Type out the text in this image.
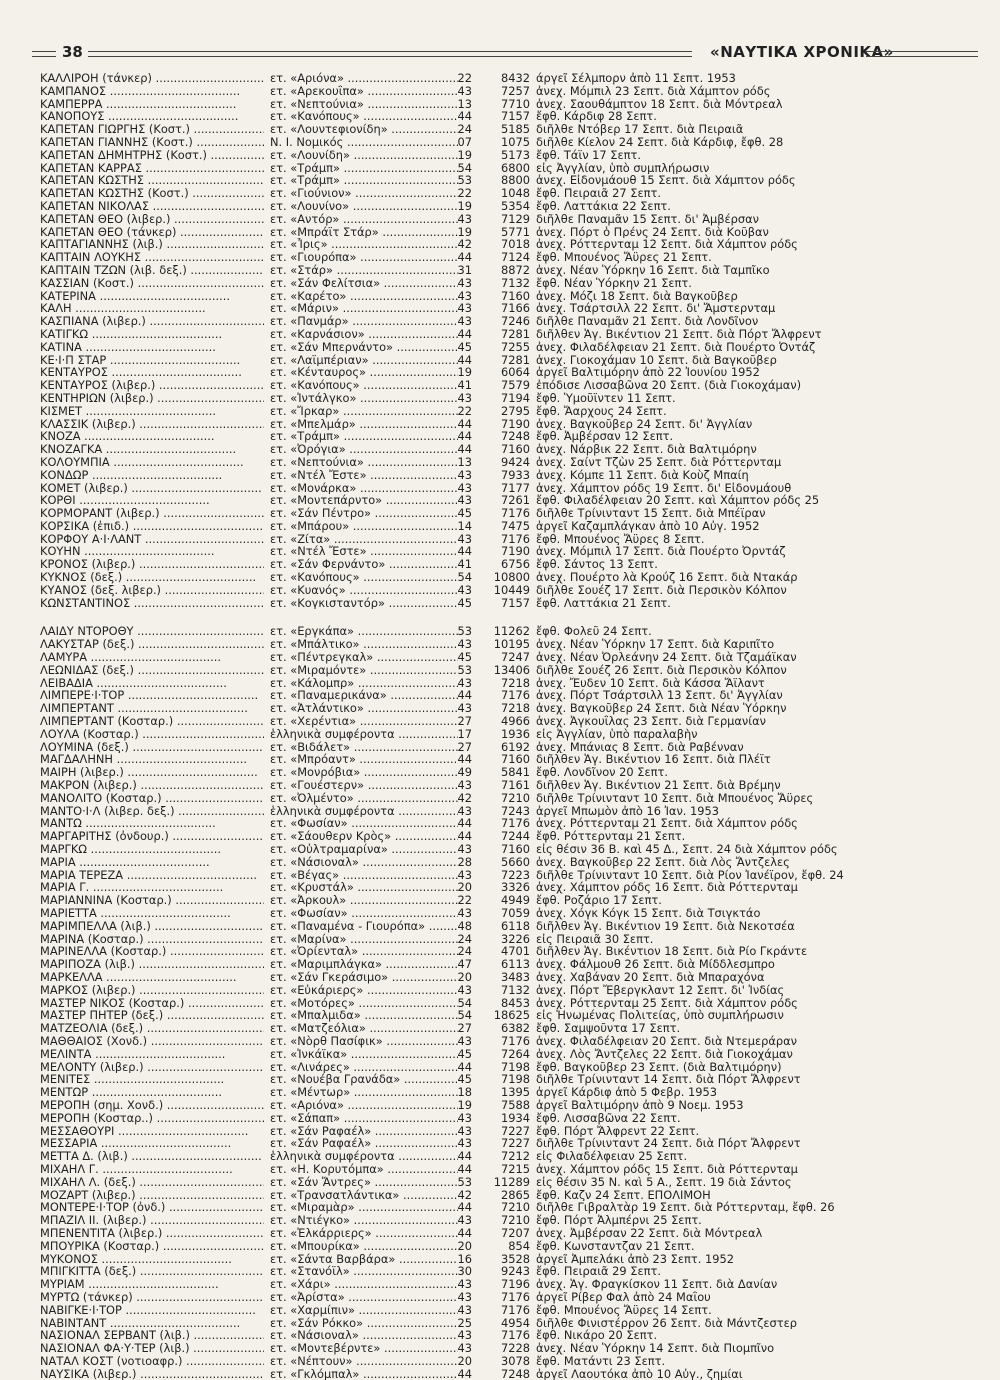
38	«ΝΑΥΤΙΚΑ ΧΡΟΝΙΚΑ»
ΚΑΛΛΙΡΟΗ (τάνκερ) .....	ετ. «Αριόνα» .....	22	8432 άργεῖ Σέλμπορν ἀπὸ 11 Σεπτ. 1953
ΚΑΜΠΑΝΟΣ .....	ετ. «Αρεκουΐπα» .....	43	7257 ἀνεχ. Μόμπιλ 23 Σεπτ. διὰ Χάμπτον ρόδς
ΚΑΜΠΕΡΡΑ .....	ετ. «Νεπτούνια» .....	13	7710 ἀνεχ. Σαουθάμπτον 18 Σεπτ. διὰ Μόντρεαλ
ΚΑΝΟΠΟΥΣ .....	ετ. «Κανόπους» .....	44	7157 ἔφθ. Κάρδιφ 28 Σεπτ.
ΚΑΠΕΤΑΝ ΓΙΩΡΓΗΣ (Κοστ.) .....	ετ. «Λουντεφιονίδη» .....	24	5185 διῆλθε Ντόβερ 17 Σεπτ. διὰ Πειραιᾶ
ΚΑΠΕΤΑΝ ΓΙΑΝΝΗΣ (Κοστ.) .....	Ν. Ι. Νομικός .....	07	1075 διῆλθε Κίελον 24 Σεπτ. διὰ Κάρδιφ, ἔφθ. 28
ΚΑΠΕΤΑΝ ΔΗΜΗΤΡΗΣ (Κοστ.) .....	ετ. «Λουνίδη» .....	19	5173 ἔφθ. Τάϊν 17 Σεπτ.
ΚΑΠΕΤΑΝ ΚΑΡΡΑΣ .....	ετ. «Τράμπ» .....	54	6800 εἰς Ἀγγλίαν, ὑπὸ συμπλήρωσιν
ΚΑΠΕΤΑΝ ΚΩΣΤΗΣ .....	ετ. «Τράμπ» .....	53	8800 ἀνεχ. Εἰδονμάουθ 15 Σεπτ. διὰ Χάμπτον ρόδς
ΚΑΠΕΤΑΝ ΚΩΣΤΗΣ (Κοστ.) .....	ετ. «Γιούνιον» .....	22	1048 ἔφθ. Πειραιᾶ 27 Σεπτ.
ΚΑΠΕΤΑΝ ΝΙΚΟΛΑΣ .....	ετ. «Λουνίνο» .....	19	5354 ἔφθ. Λαττάκια 22 Σεπτ.
ΚΑΠΕΤΑΝ ΘΕΟ (λιβερ.) .....	ετ. «Αντόρ» .....	43	7129 διῆλθε Παναμᾶν 15 Σεπτ. δι' Ἀμβέρσαν
ΚΑΠΕΤΑΝ ΘΕΟ (τάνκερ) .....	ετ. «Μπράϊτ Στάρ» .....	19	5771 ἀνεχ. Πόρτ ὁ Πρένς 24 Σεπτ. διὰ Κοῦβαν
ΚΑΠΤΑΓΙΑΝΝΗΣ (λιβ.) .....	ετ. «Ἶρις» .....	42	7018 ἀνεχ. Ρόττερνταμ 12 Σεπτ. διὰ Χάμπτον ρόδς
ΚΑΠΤΑΙΝ ΛΟΥΚΗΣ .....	ετ. «Γιουρόπα» .....	44	7124 ἔφθ. Μπουένος Ἄϋρες 21 Σεπτ.
ΚΑΠΤΑΙΝ ΤΖΩΝ (λιβ. δεξ.) .....	ετ. «Στάρ» .....	31	8872 ἀνεχ. Νέαν Ὑόρκην 16 Σεπτ. διὰ Ταμπῖκο
ΚΑΣΣΙΑΝ (Κοστ.) .....	ετ. «Σάν Φελίτσια» .....	43	7132 ἔφθ. Νέαν Ὑόρκην 21 Σεπτ.
ΚΑΤΕΡΙΝΑ .....	ετ. «Καρέτο» .....	43	7160 ἀνεχ. Μόζι 18 Σεπτ. διὰ Βαγκοῦβερ
ΚΑΛΗ .....	ετ. «Μάριν» .....	43	7166 ἀνεχ. Τσάρτσιλλ 22 Σεπτ. δι' Ἄμστερνταμ
ΚΑΣΠΙΑΝΑ (λιβερ.) .....	ετ. «Πανμάρ» .....	43	7246 διῆλθε Παναμᾶν 21 Σεπτ. διὰ Λονδῖνον
ΚΑΤΙΓΚΩ .....	ετ. «Καρνάσιον» .....	44	7281 διῆλθεν Ἁγ. Βικέντιον 21 Σεπτ. διὰ Πόρτ Ἄλφρεντ
ΚΑΤΙΝΑ .....	ετ. «Σάν Μπερνάντο» .....	45	7255 ἀνεχ. Φιλαδέλφειαν 21 Σεπτ. διὰ Πουέρτο Ὀντάζ
ΚΕ·Ι·Π ΣΤΑΡ .....	ετ. «Λαϊμπέριαν» .....	44	7281 ἀνεχ. Γιοκοχάμαν 10 Σεπτ. διὰ Βαγκοῦβερ
ΚΕΝΤΑΥΡΟΣ .....	ετ. «Κένταυρος» .....	19	6064 ἀργεῖ Βαλτιμόρην ἀπὸ 22 Ἰουνίου 1952
ΚΕΝΤΑΥΡΟΣ (λιβερ.) .....	ετ. «Κανόπους» .....	41	7579 ἐπόδισε Λισσαβῶνα 20 Σεπτ. (διὰ Γιοκοχάμαν)
ΚΕΝΤΗΡΙΩΝ (λιβερ.) .....	ετ. «Ἰντάλγκο» .....	43	7194 ἔφθ. Ὑμοῦϊντεν 11 Σεπτ.
ΚΙΣΜΕΤ .....	ετ. «Ἴρκαρ» .....	22	2795 ἔφθ. Ἄαρχους 24 Σεπτ.
ΚΛΑΣΣΙΚ (λιβερ.) .....	ετ. «Μπελμάρ» .....	44	7190 ἀνεχ. Βαγκοῦβερ 24 Σεπτ. δι' Ἀγγλίαν
ΚΝΟΖΑ .....	ετ. «Τράμπ» .....	44	7248 ἔφθ. Ἀμβέρσαν 12 Σεπτ.
ΚΝΟΖΑΓΚΑ .....	ετ. «Ὀρόγια» .....	44	7160 ἀνεχ. Νάρβικ 22 Σεπτ. διὰ Βαλτιμόρην
ΚΟΛΟΥΜΠΙΑ .....	ετ. «Νεπτούνια» .....	13	9424 ἀνεχ. Σαίντ Τζὼν 25 Σεπτ. διὰ Ρόττερνταμ
ΚΟΝΔΩΡ .....	ετ. «Ντέλ Ἔστε» .....	43	7933 ἀνεχ. Κόμπε 11 Σεπτ. διὰ Κοὺζ Μπαίη
ΚΟΜΕΤ (λιβερ.) .....	ετ. «Μονάρκα» .....	43	7177 ἀνεχ. Χάμπτον ρόδς 19 Σεπτ. δι' Εἰδονμάουθ
ΚΟΡΘΙ .....	ετ. «Μοντεπάρντο» .....	43	7261 ἔφθ. Φιλαδέλφειαν 20 Σεπτ. καὶ Χάμπτον ρόδς 25
ΚΟΡΜΟΡΑΝΤ (λιβερ.) .....	ετ. «Σάν Πέντρο» .....	45	7176 διῆλθε Τρίνινταντ 15 Σεπτ. διὰ Μπέϊραν
ΚΟΡΣΙΚΑ (ἐπιδ.) .....	ετ. «Μπάρου» .....	14	7475 ἀργεῖ Καζαμπλάγκαν ἀπὸ 10 Αὐγ. 1952
ΚΟΡΦΟΥ Α·Ι·ΛΑΝΤ .....	ετ. «Ζίτα» .....	43	7176 ἔφθ. Μπουένος Ἄϋρες 8 Σεπτ.
ΚΟΥΗΝ .....	ετ. «Ντέλ Ἔστε» .....	44	7190 ἀνεχ. Μόμπιλ 17 Σεπτ. διὰ Πουέρτο Ὀρντάζ
ΚΡΟΝΟΣ (λιβερ.) .....	ετ. «Σάν Φερνάντο» .....	41	6756 ἔφθ. Σάντος 13 Σεπτ.
ΚΥΚΝΟΣ (δεξ.) .....	ετ. «Κανόπους» .....	54	10800 ἀνεχ. Πουέρτο λὰ Κρούζ 16 Σεπτ. διὰ Ντακάρ
ΚΥΑΝΟΣ (δεξ. λιβερ.) .....	ετ. «Κυανός» .....	43	10449 διῆλθε Σουέζ 17 Σεπτ. διὰ Περσικὸν Κόλπον
ΚΩΝΣΤΑΝΤΙΝΟΣ .....	ετ. «Κογκισταντόρ» .....	45	7157 ἔφθ. Λαττάκια 21 Σεπτ.
ΛΑΙΔΥ ΝΤΟΡΟΘΥ .....	ετ. «Εργκάπα» .....	53	11262 ἔφθ. Φολεῦ 24 Σεπτ.
ΛΑΚΥΣΤΑΡ (δεξ.) .....	ετ. «Μπάλτικο» .....	43	10195 ἀνεχ. Νέαν Ὑόρκην 17 Σεπτ. διὰ Καριπῖτο
ΛΑΜΥΡΑ .....	ετ. «Πέντρεγκαλ» .....	45	7247 ἀνεχ. Νέαν Ὀρλεάνην 24 Σεπτ. διὰ Τζαμάϊκαν
ΛΕΩΝΙΔΑΣ (δεξ.) .....	ετ. «Μιραμόντε» .....	53	13406 διῆλθε Σουέζ 26 Σεπτ. διὰ Περσικὸν Κόλπον
ΛΕΙΒΑΔΙΑ .....	ετ. «Κάλομπρ» .....	43	7218 ἀνεχ. Ἔυδεν 10 Σεπτ. διὰ Κάσσα Ἄϊλαντ
ΛΙΜΠΕΡΕ·Ι·ΤΟΡ .....	ετ. «Παναμερικάνα» .....	44	7176 ἀνεχ. Πόρτ Τσάρτσιλλ 13 Σεπτ. δι' Ἀγγλίαν
ΛΙΜΠΕΡΤΑΝΤ .....	ετ. «Ἀτλάντικο» .....	43	7218 ἀνεχ. Βαγκοῦβερ 24 Σεπτ. διὰ Νέαν Ὑόρκην
ΛΙΜΠΕΡΤΑΝΤ (Κοσταρ.) .....	ετ. «Χερέντια» .....	27	4966 ἀνεχ. Ἀγκουΐλας 23 Σεπτ. διὰ Γερμανίαν
ΛΟΥΛΑ (Κοσταρ.) .....	ἑλληνικὰ συμφέροντα .....	17	1936 εἰς Ἀγγλίαν, ὑπὸ παραλαβὴν
ΛΟΥΜΙΝΑ (δεξ.) .....	ετ. «Βιδάλετ» .....	27	6192 ἀνεχ. Μπάνιας 8 Σεπτ. διὰ Ραβένναν
ΜΑΓΔΑΛΗΝΗ .....	ετ. «Μπρόαντ» .....	44	7160 διῆλθεν Ἁγ. Βικέντιον 16 Σεπτ. διὰ Πλέϊτ
ΜΑΙΡΗ (λιβερ.) .....	ετ. «Μονρόβια» .....	49	5841 ἔφθ. Λονδῖνον 20 Σεπτ.
ΜΑΚΡΟΝ (λιβερ.) .....	ετ. «Γουέστερν» .....	43	7161 διῆλθεν Ἁγ. Βικέντιον 21 Σεπτ. διὰ Βρέμην
ΜΑΝΟΛΙΤΟ (Κοσταρ.) .....	ετ. «Ὀλμέντο» .....	42	7210 διῆλθε Τρίνινταντ 10 Σεπτ. διὰ Μπουένος Ἄϋρες
ΜΑΝΤΟ·Ι·Λ (λιβερ. δεξ.) .....	ἑλληνικὰ συμφέροντα .....	43	7243 ἀργεῖ Μπωμὸν ἀπὸ 16 Ἰαν. 1953
ΜΑΝΤΩ .....	ετ. «Φωσίαν» .....	44	7176 ἀνεχ. Ρόττερνταμ 21 Σεπτ. διὰ Χάμπτον ρόδς
ΜΑΡΓΑΡΙΤΗΣ (ὀνδουρ.) .....	ετ. «Σάουθερν Κρὸς» .....	44	7244 ἔφθ. Ρόττερνταμ 21 Σεπτ.
ΜΑΡΓΚΩ .....	ετ. «Οὐλτραμαρίνα» .....	43	7160 εἰς θέσιν 36 Β. καὶ 45 Δ., Σεπτ. 24 διὰ Χάμπτον ρόδς
ΜΑΡΙΑ .....	ετ. «Νάσιοναλ» .....	28	5660 ἀνεχ. Βαγκοῦβερ 22 Σεπτ. διὰ Λὸς Ἄντζελες
ΜΑΡΙΑ ΤΕΡΕΖΑ .....	ετ. «Βέγας» .....	43	7223 διῆλθε Τρίνινταντ 10 Σεπτ. διὰ Ρίον Ἰανέϊρον, ἔφθ. 24
ΜΑΡΙΑ Γ. .....	ετ. «Κρυστάλ» .....	20	3326 ἀνεχ. Χάμπτον ρόδς 16 Σεπτ. διὰ Ρόττερνταμ
ΜΑΡΙΑΝΝΙΝΑ (Κοσταρ.) .....	ετ. «Ἀρκουλ» .....	22	4949 ἔφθ. Ροζάριο 17 Σεπτ.
ΜΑΡΙΕΤΤΑ .....	ετ. «Φωσίαν» .....	43	7059 ἀνεχ. Χόγκ Κόγκ 15 Σεπτ. διὰ Τσιγκτάο
ΜΑΡΙΜΠΕΛΛΑ (λιβ.) .....	ετ. «Παναμένα - Γιουρόπα» .....	48	6118 διῆλθεν Ἁγ. Βικέντιον 19 Σεπτ. διὰ Νεκοτσέα
ΜΑΡΙΝΑ (Κοσταρ.) .....	ετ. «Μαρίνα» .....	24	3226 εἰς Πειραιᾶ 30 Σεπτ.
ΜΑΡΙΝΕΛΛΑ (Κοσταρ.) .....	ετ. «Ὀρίενταλ» .....	24	4701 διῆλθεν Ἁγ. Βικέντιον 18 Σεπτ. διὰ Ρίο Γκράντε
ΜΑΡΙΠΟΖΑ (λιβ.) .....	ετ. «Μαριμπλάγκα» .....	47	6113 ἀνεχ. Φάλμουθ 26 Σεπτ. διὰ Μίδδλεσμπρο
ΜΑΡΚΕΛΛΑ .....	ετ. «Σάν Γκεράσιμο» .....	20	3483 ἀνεχ. Χαβάναν 20 Σεπτ. διὰ Μπαραχόνα
ΜΑΡΚΟΣ (λιβερ.) .....	ετ. «Εὐκάριερς» .....	43	7132 ἀνεχ. Πόρτ Ἔβεργκλαντ 12 Σεπτ. δι' Ἰνδίας
ΜΑΣΤΕΡ ΝΙΚΟΣ (Κοσταρ.) .....	ετ. «Μοτόρες» .....	54	8453 ἀνεχ. Ρόττερνταμ 25 Σεπτ. διὰ Χάμπτον ρόδς
ΜΑΣΤΕΡ ΠΗΤΕΡ (δεξ.) .....	ετ. «Μπαλμιδα» .....	54	18625 εἰς Ἡνωμένας Πολιτείας, ὑπὸ συμπλήρωσιν
ΜΑΤΖΕΟΛΙΑ (δεξ.) .....	ετ. «Ματζεόλια» .....	27	6382 ἔφθ. Σαμψοῦντα 17 Σεπτ.
ΜΑΘΘΑΙΟΣ (Χονδ.) .....	ετ. «Νὸρθ Πασίφικ» .....	43	7176 ἀνεχ. Φιλαδέλφειαν 20 Σεπτ. διὰ Ντεμεράραν
ΜΕΛΙΝΤΑ .....	ετ. «Ἰνκάϊκα» .....	45	7264 ἀνεχ. Λὸς Ἄντζελες 22 Σεπτ. διὰ Γιοκοχάμαν
ΜΕΛΟΝΤΥ (λιβερ.) .....	ετ. «Λινάρες» .....	44	7198 ἔφθ. Βαγκοῦβερ 23 Σεπτ. (διὰ Βαλτιμόρην)
ΜΕΝΙΤΕΣ .....	ετ. «Νουέβα Γρανάδα» .....	45	7198 διῆλθε Τρίνινταντ 14 Σεπτ. διὰ Πόρτ Ἄλφρεντ
ΜΕΝΤΩΡ .....	ετ. «Μέντωρ» .....	18	1395 ἀργεῖ Κάρδιφ ἀπὸ 5 Φεβρ. 1953
ΜΕΡΟΠΗ (σημ. Χονδ.) .....	ετ. «Αριόνα» .....	19	7588 ἀργεῖ Βαλτιμόρην ἀπὸ 9 Νοεμ. 1953
ΜΕΡΟΠΗ (Κοσταρ..) .....	ετ. «Σάπαπ» .....	43	1934 ἔφθ. Λισσαβῶνα 22 Σεπτ.
ΜΕΣΣΑΘΟΥΡΙ .....	ετ. «Σάν Ραφαέλ» .....	43	7227 ἔφθ. Πόρτ Ἄλφρεντ 22 Σεπτ.
ΜΕΣΣΑΡΙΑ .....	ετ. «Σάν Ραφαέλ» .....	43	7227 διῆλθε Τρίνινταντ 24 Σεπτ. διὰ Πόρτ Ἄλφρεντ
ΜΕΤΤΑ Δ. (λιβ.) .....	ἑλληνικὰ συμφέροντα .....	44	7212 εἰς Φιλαδέλφειαν 25 Σεπτ.
ΜΙΧΑΗΛ Γ. .....	ετ. «Η. Κορυτόμπα» .....	44	7215 ἀνεχ. Χάμπτον ρόδς 15 Σεπτ. διὰ Ρόττερνταμ
ΜΙΧΑΗΛ Λ. (δεξ.) .....	ετ. «Σάν Ἄντρες» .....	53	11289 εἰς θέσιν 35 Ν. καὶ 5 Α., Σεπτ. 19 διὰ Σάντος
ΜΟΖΑΡΤ (λιβερ.) .....	ετ. «Τρανσατλάντικα» .....	42	2865 ἔφθ. Καζν 24 Σεπτ. ΕΠΟΛΙΜΟΗ
ΜΟΝΤΕΡΕ·Ι·ΤΟΡ (ὀνδ.) .....	ετ. «Μιραμὰρ» .....	44	7210 διῆλθε Γιβραλτὰρ 19 Σεπτ. διὰ Ρόττερνταμ, ἔφθ. 26
ΜΠΑΖΙΛ ΙΙ. (λιβερ.) .....	ετ. «Ντιέγκο» .....	43	7210 ἔφθ. Πόρτ Ἀλμπέρνι 25 Σεπτ.
ΜΠΕΝΕΝΤΙΤΑ (λιβερ.) .....	ετ. «Ἐλκάρριερς» .....	44	7207 ἀνεχ. Ἀμβέρσαν 22 Σεπτ. διὰ Μόντρεαλ
ΜΠΟΥΡΙΚΑ (Κοσταρ.) .....	ετ. «Μπουρίκα» .....	20	854 ἔφθ. Κωνσταντζαν 21 Σεπτ.
ΜΥΚΟΝΟΣ .....	ετ. «Σάντα Βαρβάρα» .....	16	3528 ἀργεῖ Ἀμπελάκι ἀπὸ 23 Σεπτ. 1952
ΜΠΙΓΚΙΤΤΑ (δεξ.) .....	ετ. «Στανόϊλ» .....	30	9243 ἔφθ. Πειραιᾶ 29 Σεπτ.
ΜΥΡΙΑΜ .....	ετ. «Χάρι» .....	43	7196 ἀνεχ. Ἁγ. Φραγκίσκον 11 Σεπτ. διὰ Δανίαν
ΜΥΡΤΩ (τάνκερ) .....	ετ. «Ἀρίστα» .....	43	7176 ἀργεῖ Ρίβερ Φαλ ἀπὸ 24 Μαΐου
ΝΑΒΙΓΚΕ·Ι·ΤΟΡ .....	ετ. «Χαρμίπιν» .....	43	7176 ἔφθ. Μπουένος Ἄϋρες 14 Σεπτ.
ΝΑΒΙΝΤΑΝΤ .....	ετ. «Σάν Ρόκκο» .....	25	4954 διῆλθε Φινιστέρρον 26 Σεπτ. διὰ Μάντζεστερ
ΝΑΣΙΟΝΑΛ ΣΕΡΒΑΝΤ (λιβ.) .....	ετ. «Νάσιοναλ» .....	43	7176 ἔφθ. Νικάρο 20 Σεπτ.
ΝΑΣΙΟΝΑΛ ΦΑ·Υ·ΤΕΡ (λιβ.) .....	ετ. «Μοντεβέρντε» .....	43	7228 ἀνεχ. Νέαν Ὑόρκην 14 Σεπτ. διὰ Πιομπῖνο
ΝΑΤΑΛ ΚΟΣΤ (νοτιοαφρ.) .....	ετ. «Νέπτουν» .....	20	3078 ἔφθ. Ματάντι 23 Σεπτ.
ΝΑΥΣΙΚΑ (λιβερ.) .....	ετ. «Γκλόμπαλ» .....	44	7248 ἀργεῖ Λαουτόκα ἀπὸ 10 Αὐγ., ζημίαι
